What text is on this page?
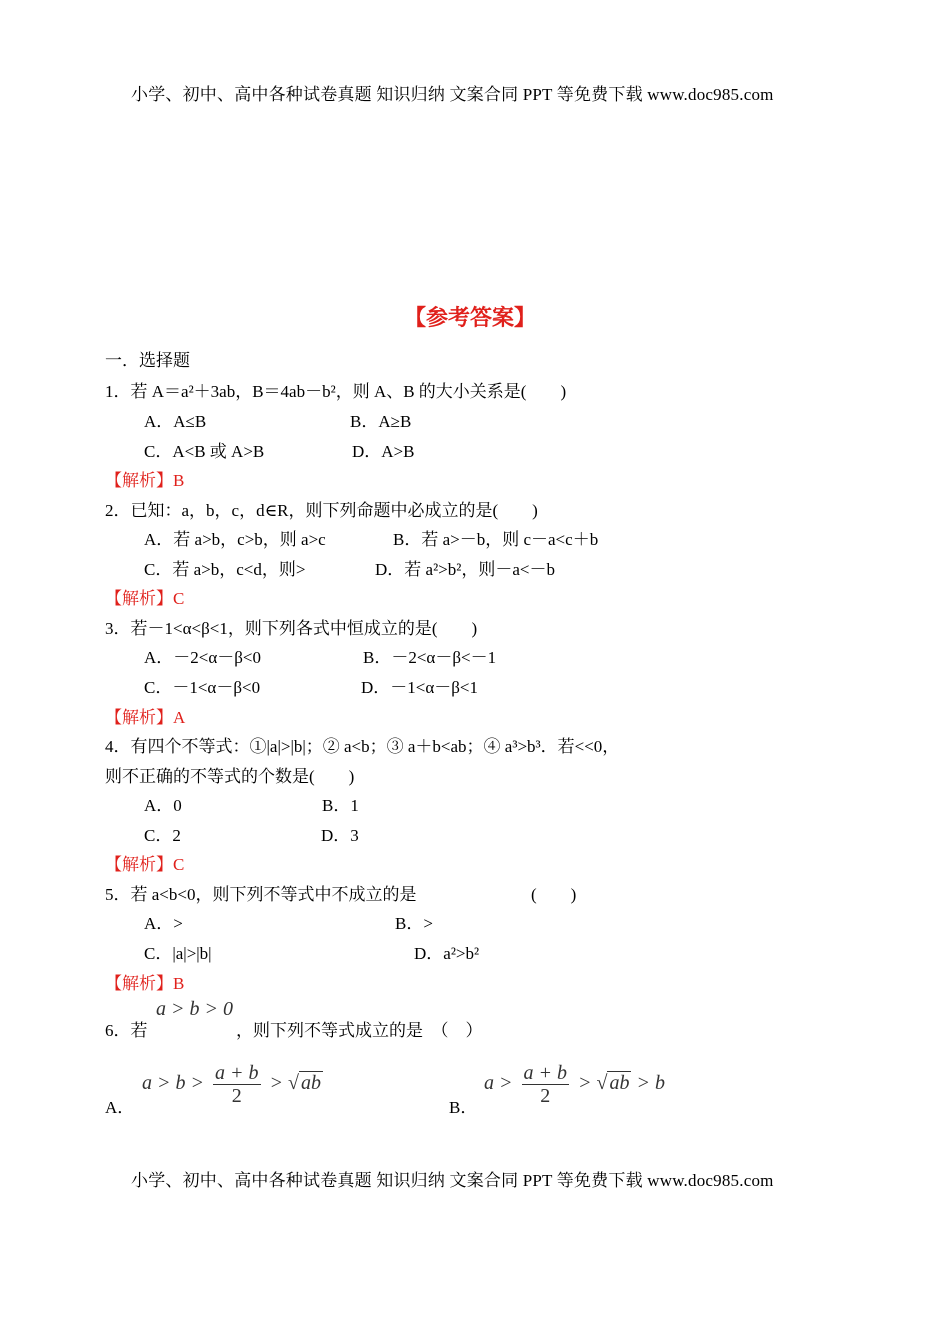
小学、初中、高中各种试卷真题 知识归纳 文案合同 PPT 等免费下载 www.doc985.com
【参考答案】
一．选择题
1．若 A＝a²＋3ab，B＝4ab－b²，则 A、B 的大小关系是(　　)
A．A≤B	B．A≥B
C．A<B 或 A>B	D．A>B
【解析】B
2．已知：a，b，c，d∈R，则下列命题中必成立的是(　　)
A．若 a>b，c>b，则 a>c	B．若 a>－b，则 c－a<c＋b
C．若 a>b，c<d，则>	D．若 a²>b²，则－a<－b
【解析】C
3．若－1<α<β<1，则下列各式中恒成立的是(　　)
A．－2<α－β<0	B．－2<α－β<－1
C．－1<α－β<0	D．－1<α－β<1
【解析】A
4．有四个不等式：①|a|>|b|；② a<b；③ a＋b<ab；④ a³>b³．若<<0，
则不正确的不等式的个数是(　　)
A．0	B．1
C．2	D．3
【解析】C
5．若 a<b<0，则下列不等式中不成立的是	(　　)
A．>	B．>
C．|a|>|b|	D．a²>b²
【解析】B
6．若
a > b > 0
，则下列不等式成立的是　（　）
A．
$a > b > \frac{a + b}{2}$ > √ ab
B．
$a > \frac{a + b}{2}$ > √ ab > b
小学、初中、高中各种试卷真题 知识归纳 文案合同 PPT 等免费下载 www.doc985.com
